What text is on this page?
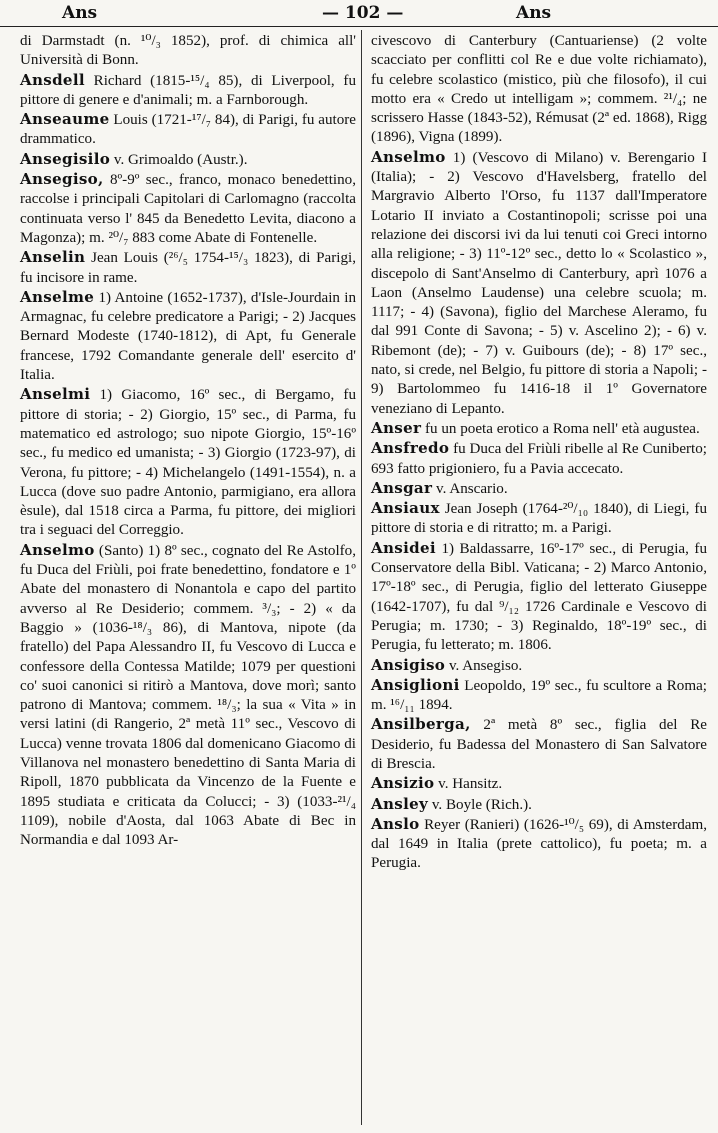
Ans	— 102 —	Ans

di Darmstadt (n. ¹⁰/₃ 1852), prof. di chimica all' Università di Bonn.

Ansdell Richard (1815-¹⁵/₄ 85), di Liverpool, fu pittore di genere e d'animali; m. a Farnborough.

Anseaume Louis (1721-¹⁷/₇ 84), di Parigi, fu autore drammatico.

Ansegisilo v. Grimoaldo (Austr.).

Ansegiso, 8º-9º sec., franco, monaco benedettino, raccolse i principali Capitolari di Carlomagno (raccolta continuata verso l' 845 da Benedetto Levita, diacono a Magonza); m. ²⁰/₇ 883 come Abate di Fontenelle.

Anselin Jean Louis (²⁶/₅ 1754-¹⁵/₃ 1823), di Parigi, fu incisore in rame.

Anselme 1) Antoine (1652-1737), d'Isle-Jourdain in Armagnac, fu celebre predicatore a Parigi; - 2) Jacques Bernard Modeste (1740-1812), di Apt, fu Generale francese, 1792 Comandante generale dell' esercito d' Italia.

Anselmi 1) Giacomo, 16º sec., di Bergamo, fu pittore di storia; - 2) Giorgio, 15º sec., di Parma, fu matematico ed astrologo; suo nipote Giorgio, 15º-16º sec., fu medico ed umanista; - 3) Giorgio (1723-97), di Verona, fu pittore; - 4) Michelangelo (1491-1554), n. a Lucca (dove suo padre Antonio, parmigiano, era allora èsule), dal 1518 circa a Parma, fu pittore, dei migliori tra i seguaci del Correggio.

Anselmo (Santo) 1) 8º sec., cognato del Re Astolfo, fu Duca del Friùli, poi frate benedettino, fondatore e 1º Abate del monastero di Nonantola e capo del partito avverso al Re Desiderio; commem. ³/₃; - 2) « da Baggio » (1036-¹⁸/₃ 86), di Mantova, nipote (da fratello) del Papa Alessandro II, fu Vescovo di Lucca e confessore della Contessa Matilde; 1079 per questioni co' suoi canonici si ritirò a Mantova, dove morì; santo patrono di Mantova; commem. ¹⁸/₃; la sua « Vita » in versi latini (di Rangerio, 2ª metà 11º sec., Vescovo di Lucca) venne trovata 1806 dal domenicano Giacomo di Villanova nel monastero benedettino di Santa Maria di Ripoll, 1870 pubblicata da Vincenzo de la Fuente e 1895 studiata e criticata da Colucci; - 3) (1033-²¹/₄ 1109), nobile d'Aosta, dal 1063 Abate di Bec in Normandia e dal 1093 Ar-

civescovo di Canterbury (Cantuariense) (2 volte scacciato per conflitti col Re e due volte richiamato), fu celebre scolastico (mistico, più che filosofo), il cui motto era « Credo ut intelligam »; commem. ²¹/₄; ne scrissero Hasse (1843-52), Rémusat (2ª ed. 1868), Rigg (1896), Vigna (1899).

Anselmo 1) (Vescovo di Milano) v. Berengario I (Italia); - 2) Vescovo d'Havelsberg, fratello del Margravio Alberto l'Orso, fu 1137 dall'Imperatore Lotario II inviato a Costantinopoli; scrisse poi una relazione dei discorsi ivi da lui tenuti coi Greci intorno alla religione; - 3) 11º-12º sec., detto lo « Scolastico », discepolo di Sant'Anselmo di Canterbury, aprì 1076 a Laon (Anselmo Laudense) una celebre scuola; m. 1117; - 4) (Savona), figlio del Marchese Aleramo, fu dal 991 Conte di Savona; - 5) v. Ascelino 2); - 6) v. Ribemont (de); - 7) v. Guibours (de); - 8) 17º sec., nato, si crede, nel Belgio, fu pittore di storia a Napoli; - 9) Bartolommeo fu 1416-18 il 1º Governatore veneziano di Lepanto.

Anser fu un poeta erotico a Roma nell' età augustea.

Ansfredo fu Duca del Friùli ribelle al Re Cuniberto; 693 fatto prigioniero, fu a Pavia accecato.

Ansgar v. Anscario.

Ansiaux Jean Joseph (1764-²⁰/₁₀ 1840), di Liegi, fu pittore di storia e di ritratto; m. a Parigi.

Ansidei 1) Baldassarre, 16º-17º sec., di Perugia, fu Conservatore della Bibl. Vaticana; - 2) Marco Antonio, 17º-18º sec., di Perugia, figlio del letterato Giuseppe (1642-1707), fu dal ⁹/₁₂ 1726 Cardinale e Vescovo di Perugia; m. 1730; - 3) Reginaldo, 18º-19º sec., di Perugia, fu letterato; m. 1806.

Ansigiso v. Ansegiso.

Ansiglioni Leopoldo, 19º sec., fu scultore a Roma; m. ¹⁶/₁₁ 1894.

Ansilberga, 2ª metà 8º sec., figlia del Re Desiderio, fu Badessa del Monastero di San Salvatore di Brescia.

Ansizio v. Hansitz.

Ansley v. Boyle (Rich.).

Anslo Reyer (Ranieri) (1626-¹⁰/₅ 69), di Amsterdam, dal 1649 in Italia (prete cattolico), fu poeta; m. a Perugia.
